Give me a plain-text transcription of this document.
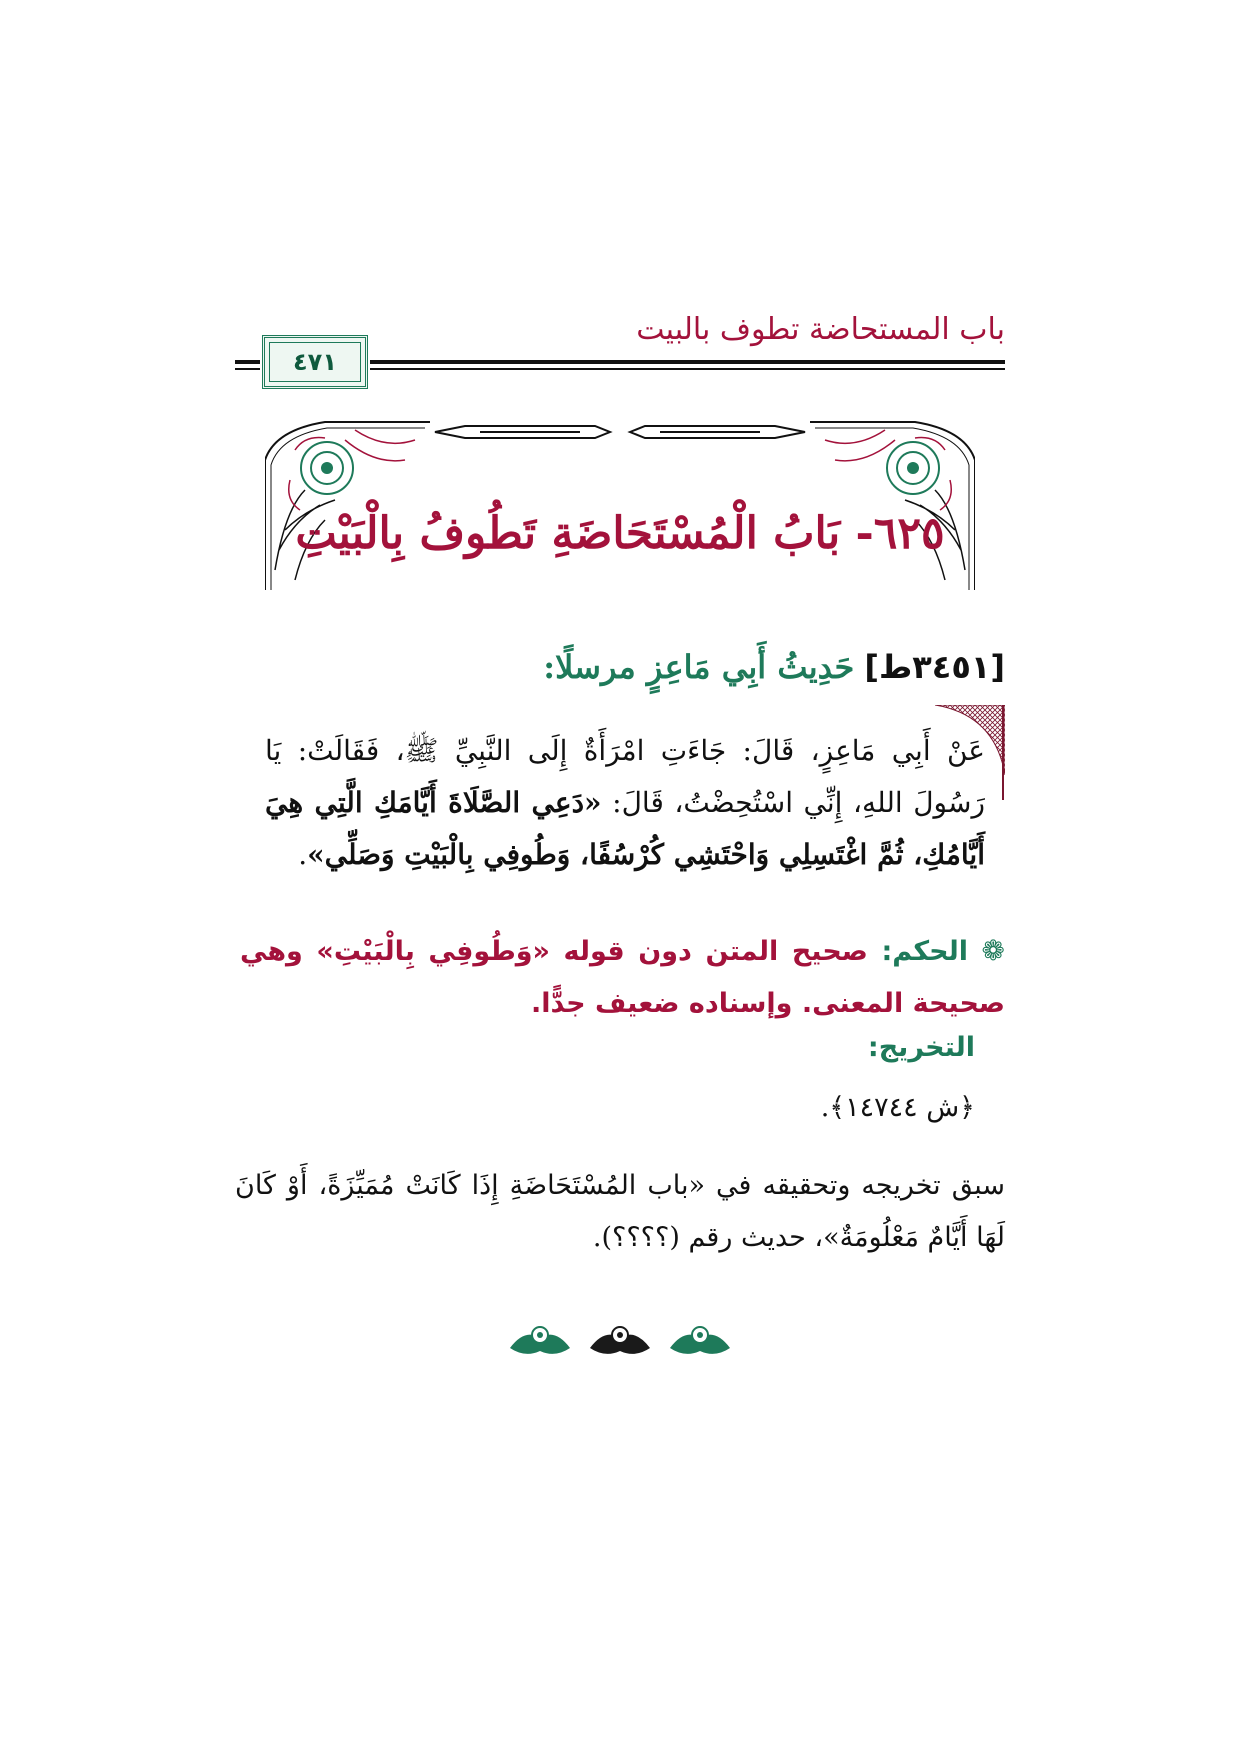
باب المستحاضة تطوف بالبيت
٤٧١
٦٢٥- بَابُ الْمُسْتَحَاضَةِ تَطُوفُ بِالْبَيْتِ
[٣٤٥١ط] حَدِيثُ أَبِي مَاعِزٍ مرسلًا:
عَنْ أَبِي مَاعِزٍ، قَالَ: جَاءَتِ امْرَأَةٌ إِلَى النَّبِيِّ ﷺ، فَقَالَتْ: يَا رَسُولَ اللهِ، إِنِّي اسْتُحِضْتُ، قَالَ: «دَعِي الصَّلَاةَ أَيَّامَكِ الَّتِي هِيَ أَيَّامُكِ، ثُمَّ اغْتَسِلِي وَاحْتَشِي كُرْسُفًا، وَطُوفِي بِالْبَيْتِ وَصَلِّي».
❁ الحكم: صحيح المتن دون قوله «وَطُوفِي بِالْبَيْتِ» وهي صحيحة المعنى. وإسناده ضعيف جدًّا.
التخريج:
﴿ش ١٤٧٤٤﴾.
سبق تخريجه وتحقيقه في «باب المُسْتَحَاضَةِ إِذَا كَانَتْ مُمَيِّزَةً، أَوْ كَانَ لَهَا أَيَّامٌ مَعْلُومَةٌ»، حديث رقم (؟؟؟؟).
